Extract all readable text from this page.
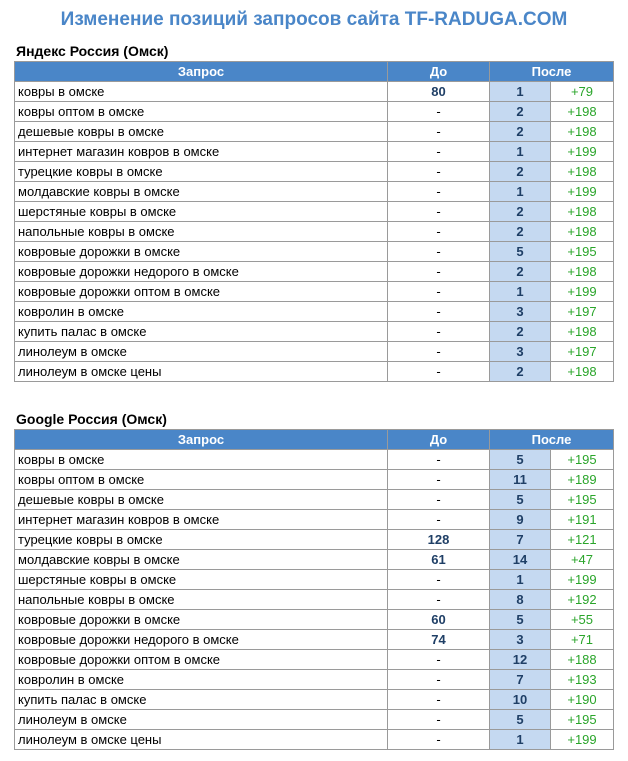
Изменение позиций запросов сайта TF-RADUGA.COM
Яндекс Россия (Омск)
Запрос	До	После	
ковры в омске	80	1	+79
ковры оптом в омске	-	2	+198
дешевые ковры в омске	-	2	+198
интернет магазин ковров в омске	-	1	+199
турецкие ковры в омске	-	2	+198
молдавские ковры в омске	-	1	+199
шерстяные ковры в омске	-	2	+198
напольные ковры в омске	-	2	+198
ковровые дорожки в омске	-	5	+195
ковровые дорожки недорого в омске	-	2	+198
ковровые дорожки оптом в омске	-	1	+199
ковролин в омске	-	3	+197
купить палас в омске	-	2	+198
линолеум в омске	-	3	+197
линолеум в омске цены	-	2	+198
Google Россия (Омск)
Запрос	До	После	
ковры в омске	-	5	+195
ковры оптом в омске	-	11	+189
дешевые ковры в омске	-	5	+195
интернет магазин ковров в омске	-	9	+191
турецкие ковры в омске	128	7	+121
молдавские ковры в омске	61	14	+47
шерстяные ковры в омске	-	1	+199
напольные ковры в омске	-	8	+192
ковровые дорожки в омске	60	5	+55
ковровые дорожки недорого в омске	74	3	+71
ковровые дорожки оптом в омске	-	12	+188
ковролин в омске	-	7	+193
купить палас в омске	-	10	+190
линолеум в омске	-	5	+195
линолеум в омске цены	-	1	+199
